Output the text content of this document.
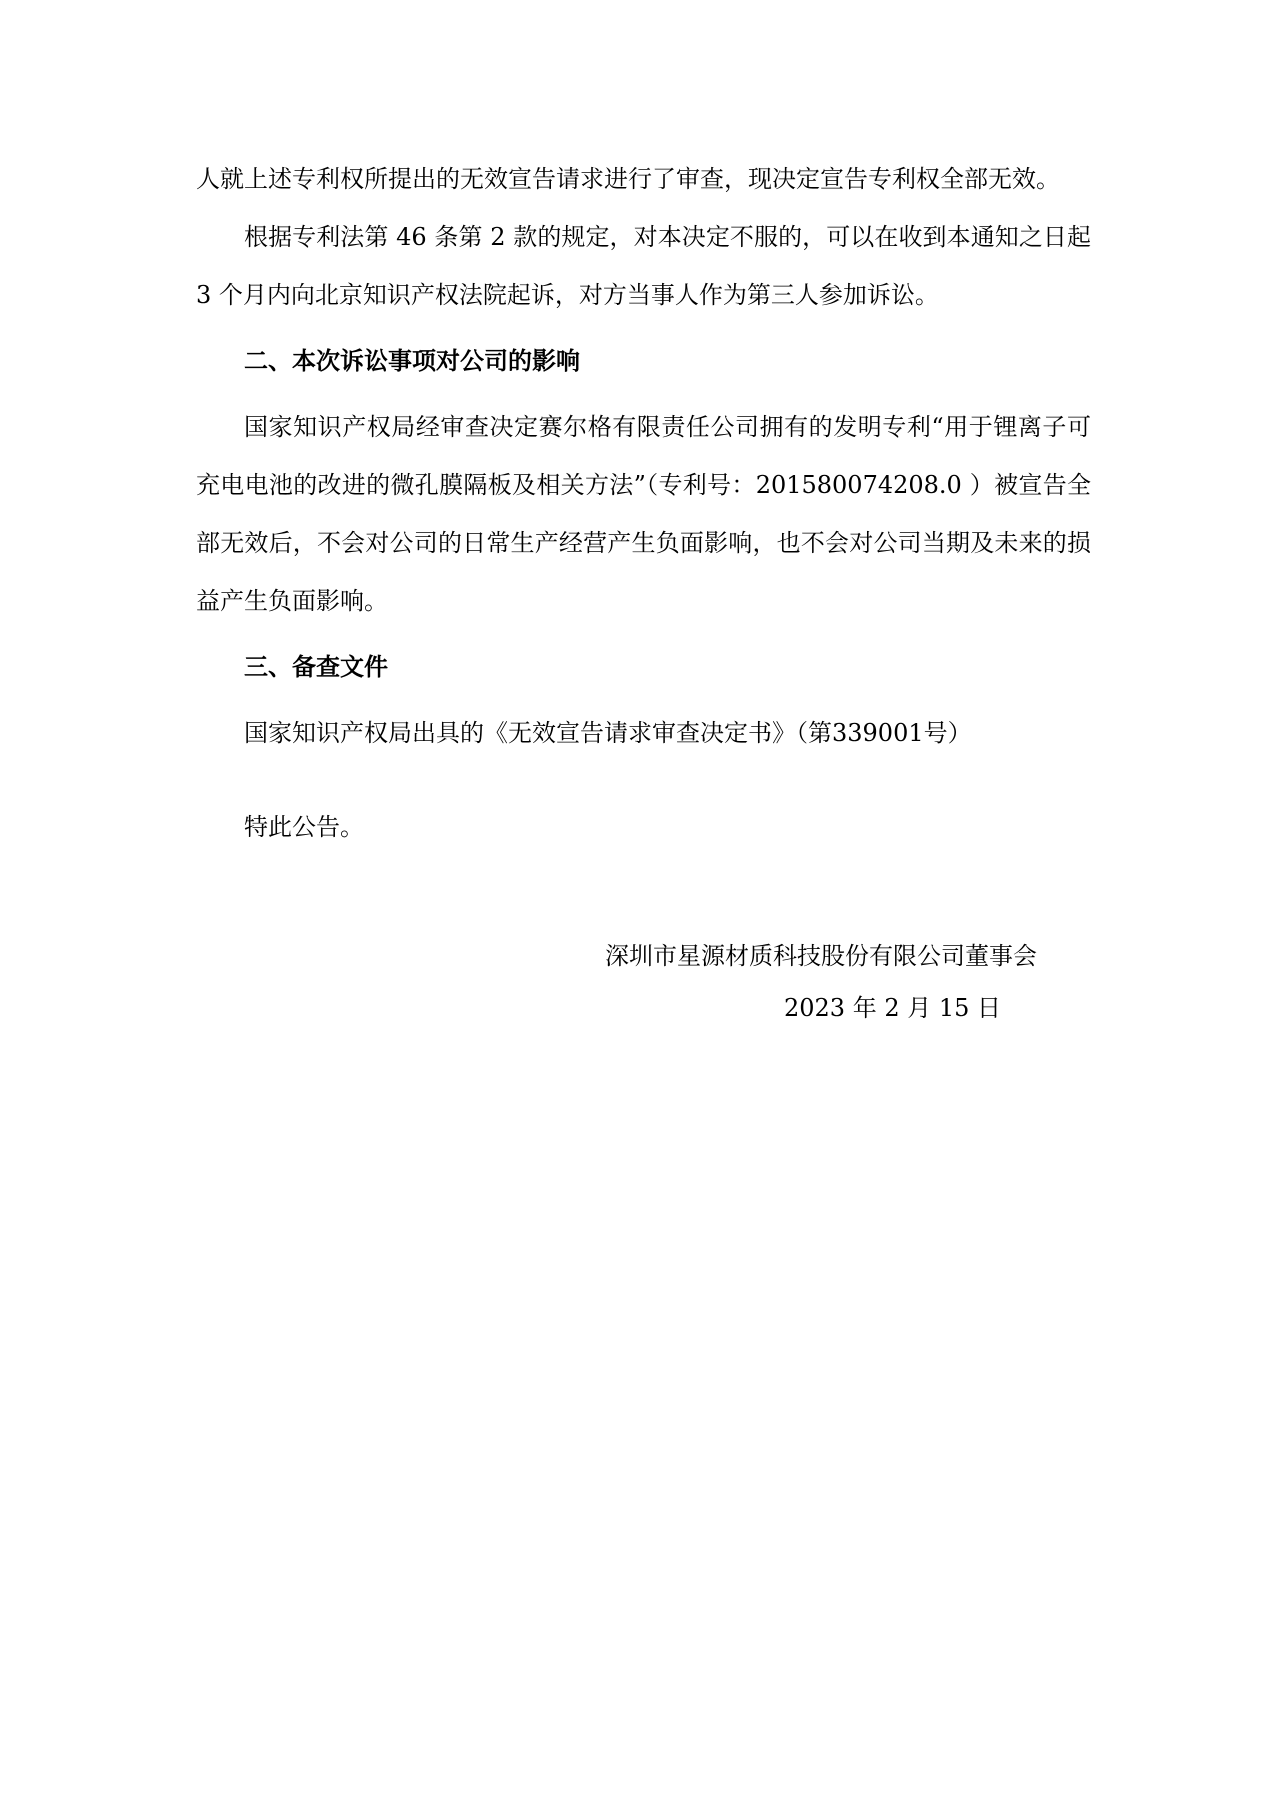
人就上述专利权所提出的无效宣告请求进行了审查，现决定宣告专利权全部无效。

根据专利法第 46 条第 2 款的规定，对本决定不服的，可以在收到本通知之日起 3 个月内向北京知识产权法院起诉，对方当事人作为第三人参加诉讼。

二、本次诉讼事项对公司的影响

国家知识产权局经审查决定赛尔格有限责任公司拥有的发明专利“用于锂离子可充电电池的改进的微孔膜隔板及相关方法”（专利号：201580074208.0 ）被宣告全部无效后，不会对公司的日常生产经营产生负面影响，也不会对公司当期及未来的损益产生负面影响。

三、备查文件

国家知识产权局出具的《无效宣告请求审查决定书》（第339001号）

特此公告。

深圳市星源材质科技股份有限公司董事会
2023 年 2 月 15 日
